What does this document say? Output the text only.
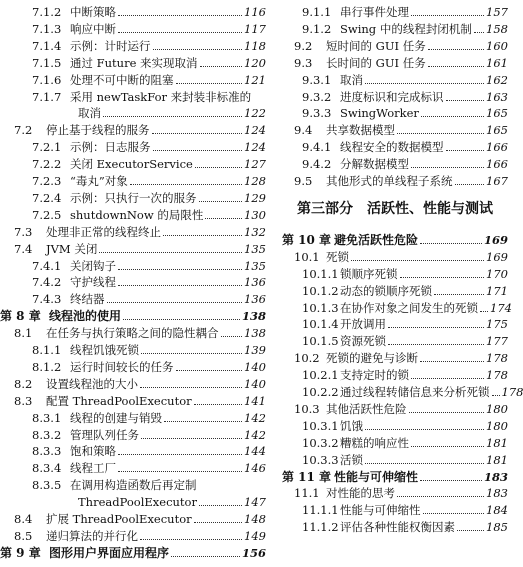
7.1.2 中断策略	116
7.1.3 响应中断	117
7.1.4 示例：计时运行	118
7.1.5 通过 Future 来实现取消	120
7.1.6 处理不可中断的阻塞	121
7.1.7 采用 newTaskFor 来封装非标准的
取消	122
7.2	停止基于线程的服务	124
7.2.1 示例：日志服务	124
7.2.2 关闭 ExecutorService	127
7.2.3 “毒丸”对象	128
7.2.4 示例：只执行一次的服务	129
7.2.5 shutdownNow 的局限性	130
7.3	处理非正常的线程终止	132
7.4	JVM 关闭	135
7.4.1 关闭钩子	135
7.4.2 守护线程	136
7.4.3 终结器	136
第 8 章 线程池的使用	138
8.1	在任务与执行策略之间的隐性耦合 138
8.1.1 线程饥饿死锁	139
8.1.2 运行时间较长的任务	140
8.2	设置线程池的大小	140
8.3	配置 ThreadPoolExecutor	141
8.3.1 线程的创建与销毁	142
8.3.2 管理队列任务	142
8.3.3 饱和策略	144
8.3.4 线程工厂	146
8.3.5 在调用构造函数后再定制
ThreadPoolExecutor	147
8.4	扩展 ThreadPoolExecutor	148
8.5	递归算法的并行化	149
第 9 章 图形用户界面应用程序	156
9.1.1 串行事件处理	157
9.1.2 Swing 中的线程封闭机制 158
9.2	短时间的 GUI 任务	160
9.3	长时间的 GUI 任务	161
9.3.1 取消	162
9.3.2 进度标识和完成标识	163
9.3.3 SwingWorker	165
9.4	共享数据模型	165
9.4.1 线程安全的数据模型	166
9.4.2 分解数据模型	166
9.5	其他形式的单线程子系统	167
第三部分　活跃性、性能与测试
第 10 章 避免活跃性危险	169
10.1 死锁	169
10.1.1 锁顺序死锁	170
10.1.2 动态的锁顺序死锁	171
10.1.3 在协作对象之间发生的死锁 174
10.1.4 开放调用	175
10.1.5 资源死锁	177
10.2 死锁的避免与诊断	178
10.2.1 支持定时的锁	178
10.2.2 通过线程转储信息来分析死锁 178
10.3 其他活跃性危险	180
10.3.1 饥饿	180
10.3.2 糟糕的响应性	181
10.3.3 活锁	181
第 11 章 性能与可伸缩性	183
11.1 对性能的思考	183
11.1.1 性能与可伸缩性	184
11.1.2 评估各种性能权衡因素	185
